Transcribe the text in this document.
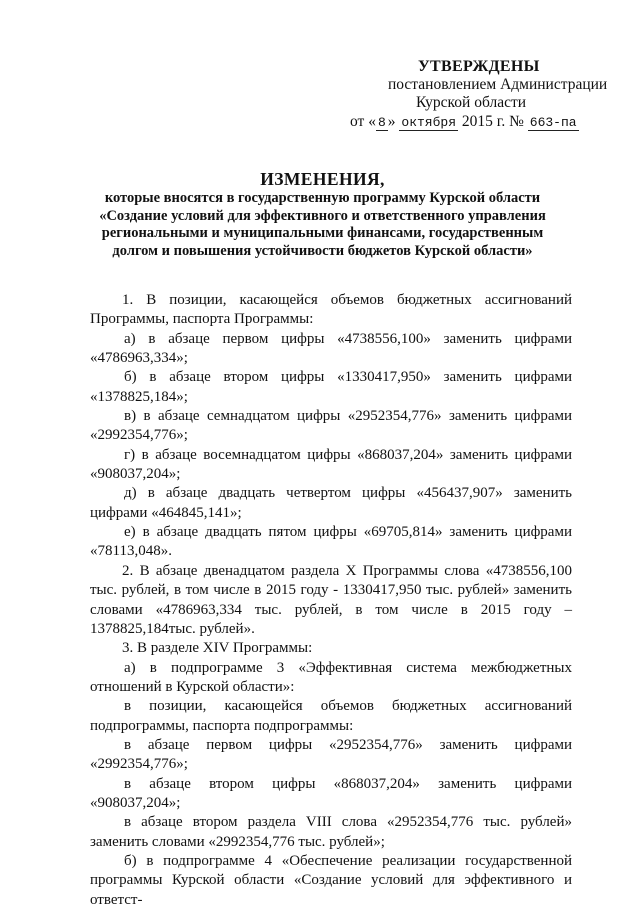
УТВЕРЖДЕНЫ
постановлением Администрации
Курской области
от « 8 » октября 2015 г. № 663-па
ИЗМЕНЕНИЯ,
которые вносятся в государственную программу Курской области
«Создание условий для эффективного и ответственного управления
региональными и муниципальными финансами, государственным
долгом и повышения устойчивости бюджетов Курской области»

1. В позиции, касающейся объемов бюджетных ассигнований Программы, паспорта Программы:

а) в абзаце первом цифры «4738556,100» заменить цифрами «4786963,334»;

б) в абзаце втором цифры «1330417,950» заменить цифрами «1378825,184»;

в) в абзаце семнадцатом цифры «2952354,776» заменить цифрами «2992354,776»;

г) в абзаце восемнадцатом цифры «868037,204» заменить цифрами «908037,204»;

д) в абзаце двадцать четвертом цифры «456437,907» заменить цифрами «464845,141»;

е) в абзаце двадцать пятом цифры «69705,814» заменить цифрами «78113,048».

2. В абзаце двенадцатом раздела X Программы слова «4738556,100 тыс. рублей, в том числе в 2015 году - 1330417,950 тыс. рублей» заменить словами «4786963,334 тыс. рублей, в том числе в 2015 году – 1378825,184тыс. рублей».

3. В разделе XIV Программы:

а) в подпрограмме 3 «Эффективная система межбюджетных отношений в Курской области»:

в позиции, касающейся объемов бюджетных ассигнований подпрограммы, паспорта подпрограммы:

в абзаце первом цифры «2952354,776» заменить цифрами «2992354,776»;

в абзаце втором цифры «868037,204» заменить цифрами «908037,204»;

в абзаце втором раздела VIII слова «2952354,776 тыс. рублей» заменить словами «2992354,776 тыс. рублей»;

б) в подпрограмме 4 «Обеспечение реализации государственной программы Курской области «Создание условий для эффективного и ответст-
